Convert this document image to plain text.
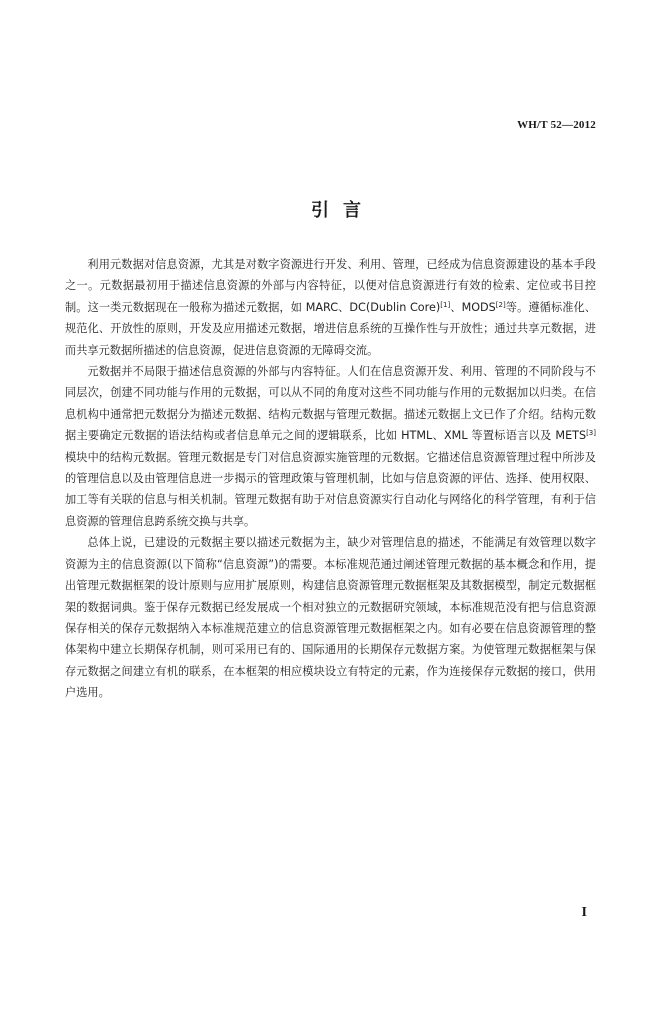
WH/T 52—2012
引言

利用元数据对信息资源，尤其是对数字资源进行开发、利用、管理，已经成为信息资源建设的基本手段之一。元数据最初用于描述信息资源的外部与内容特征，以便对信息资源进行有效的检索、定位或书目控制。这一类元数据现在一般称为描述元数据，如 MARC、DC(Dublin Core)[1]、MODS[2]等。遵循标准化、规范化、开放性的原则，开发及应用描述元数据，增进信息系统的互操作性与开放性；通过共享元数据，进而共享元数据所描述的信息资源，促进信息资源的无障碍交流。

元数据并不局限于描述信息资源的外部与内容特征。人们在信息资源开发、利用、管理的不同阶段与不同层次，创建不同功能与作用的元数据，可以从不同的角度对这些不同功能与作用的元数据加以归类。在信息机构中通常把元数据分为描述元数据、结构元数据与管理元数据。描述元数据上文已作了介绍。结构元数据主要确定元数据的语法结构或者信息单元之间的逻辑联系，比如 HTML、XML 等置标语言以及 METS[3]模块中的结构元数据。管理元数据是专门对信息资源实施管理的元数据。它描述信息资源管理过程中所涉及的管理信息以及由管理信息进一步揭示的管理政策与管理机制，比如与信息资源的评估、选择、使用权限、加工等有关联的信息与相关机制。管理元数据有助于对信息资源实行自动化与网络化的科学管理，有利于信息资源的管理信息跨系统交换与共享。

总体上说，已建设的元数据主要以描述元数据为主，缺少对管理信息的描述，不能满足有效管理以数字资源为主的信息资源(以下简称“信息资源”)的需要。本标准规范通过阐述管理元数据的基本概念和作用，提出管理元数据框架的设计原则与应用扩展原则，构建信息资源管理元数据框架及其数据模型，制定元数据框架的数据词典。鉴于保存元数据已经发展成一个相对独立的元数据研究领域，本标准规范没有把与信息资源保存相关的保存元数据纳入本标准规范建立的信息资源管理元数据框架之内。如有必要在信息资源管理的整体架构中建立长期保存机制，则可采用已有的、国际通用的长期保存元数据方案。为使管理元数据框架与保存元数据之间建立有机的联系，在本框架的相应模块设立有特定的元素，作为连接保存元数据的接口，供用户选用。

I
